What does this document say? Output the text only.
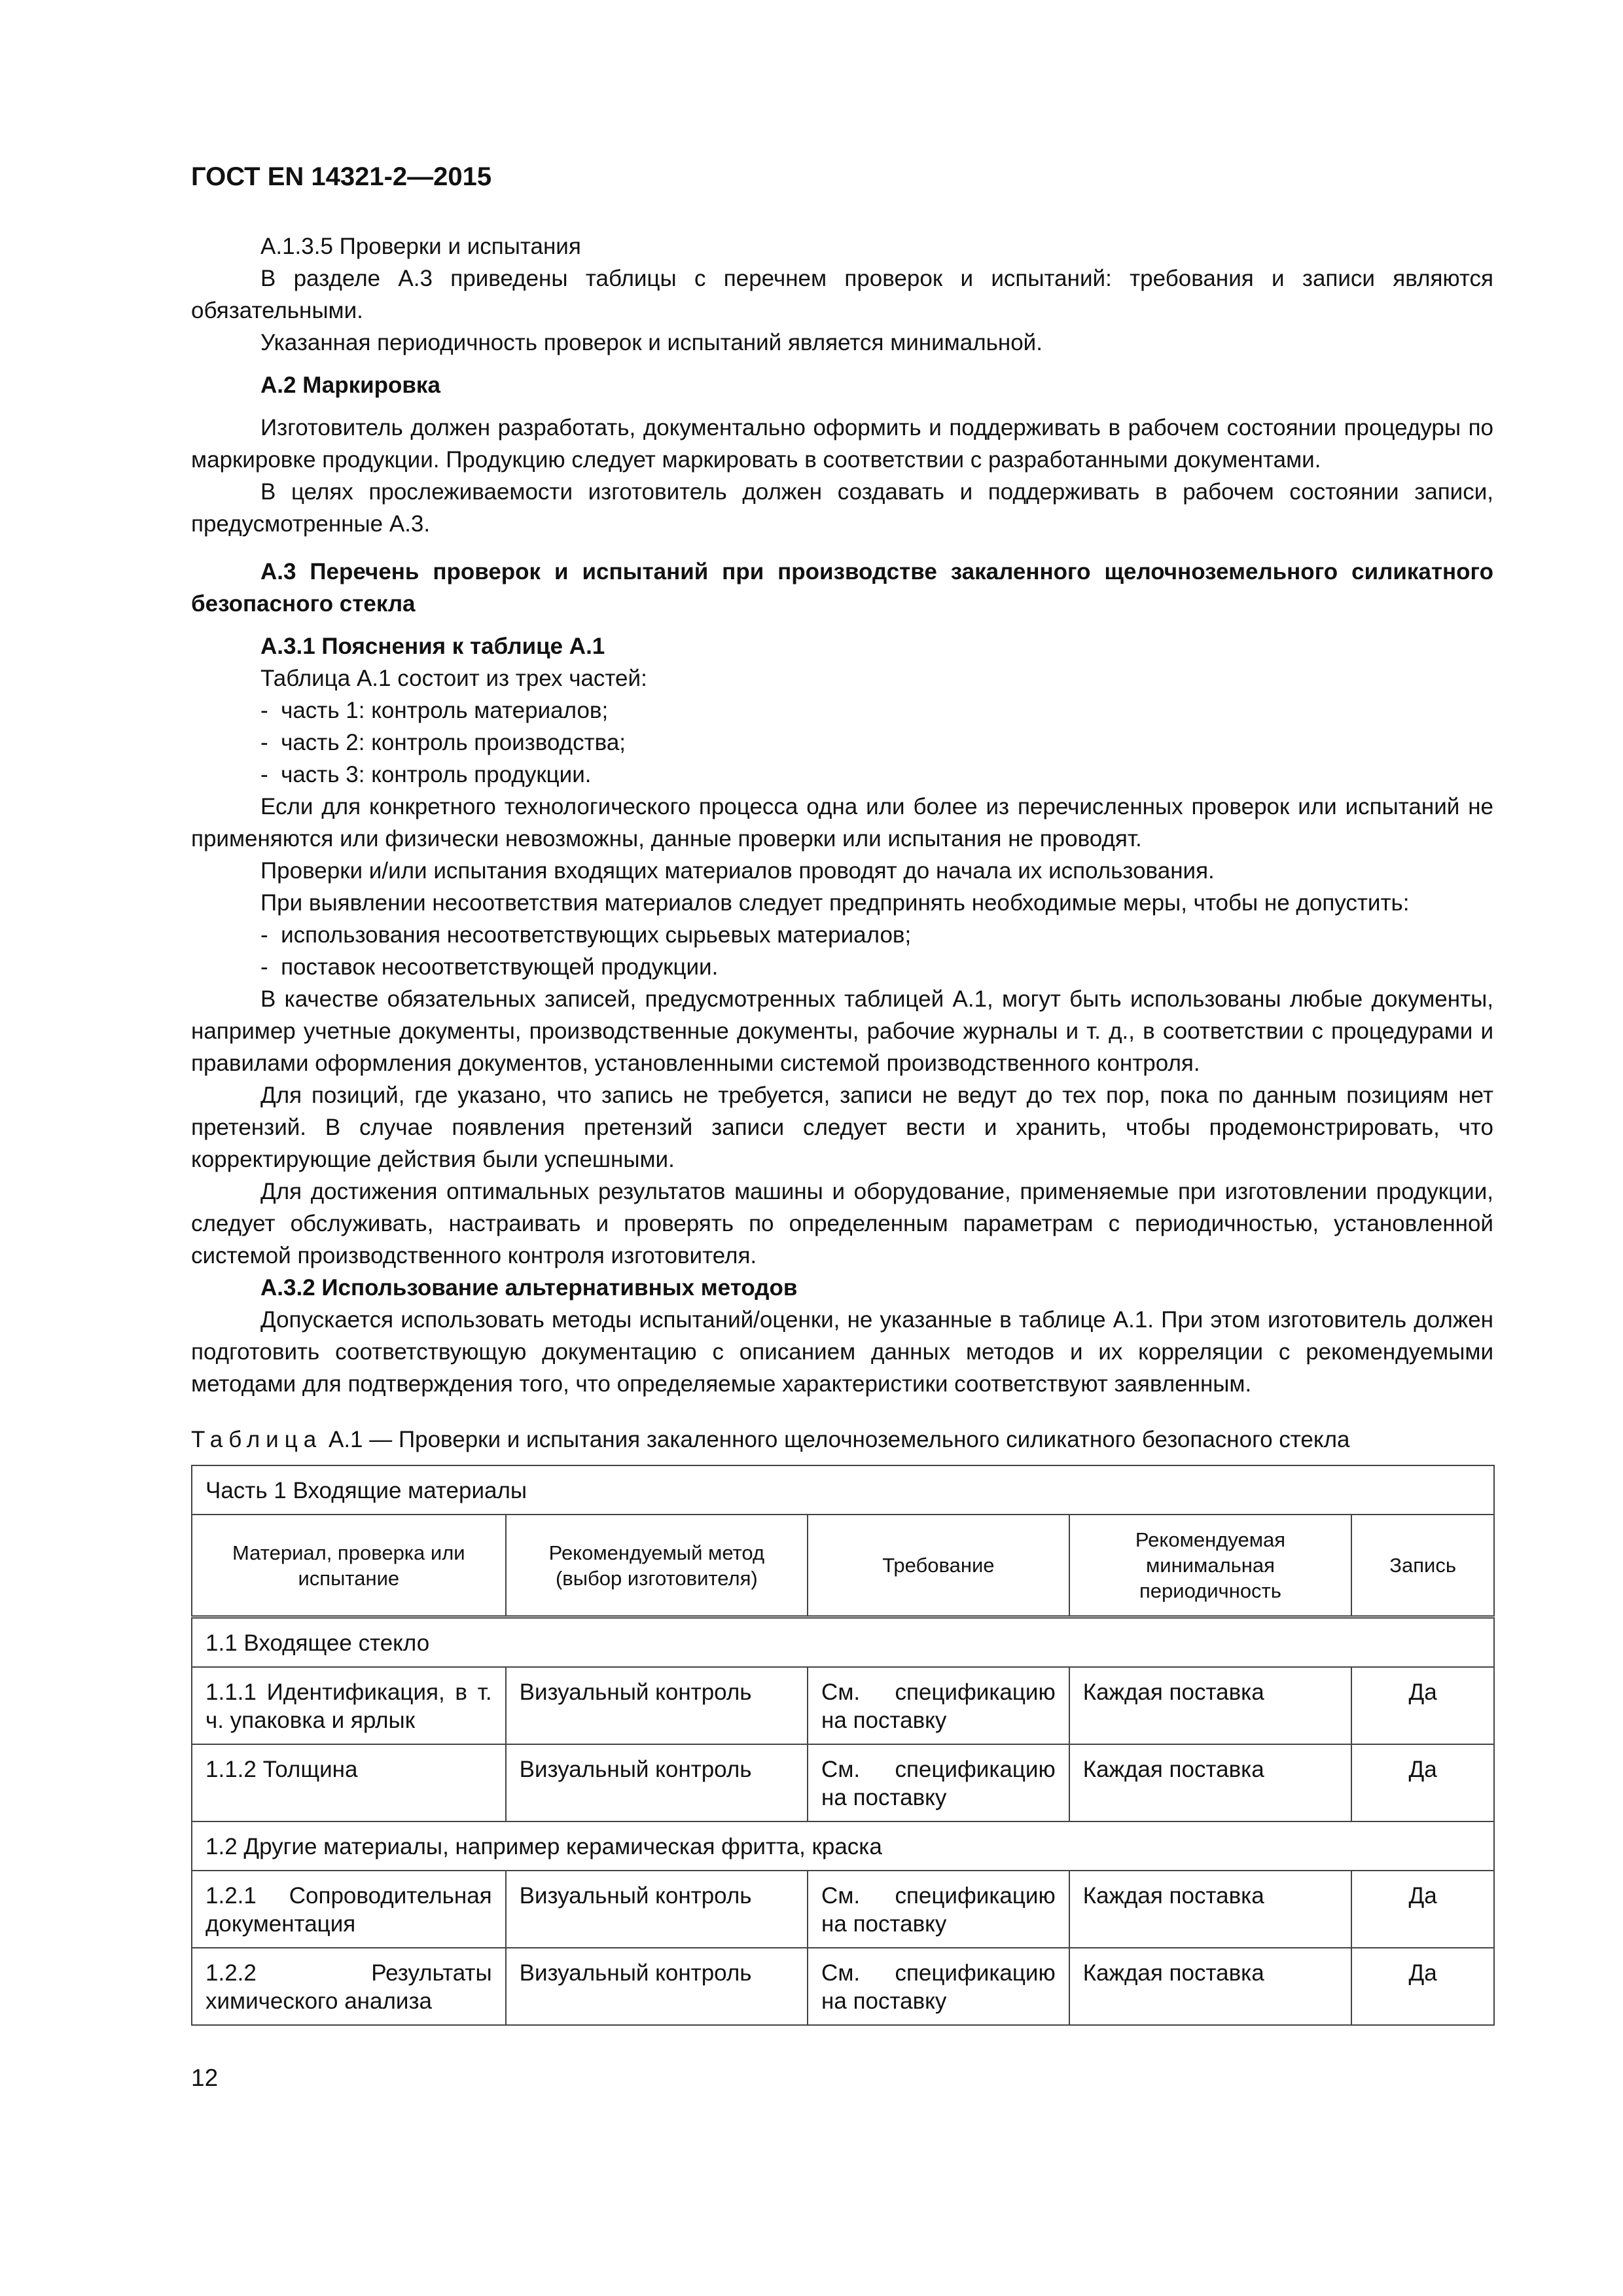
ГОСТ EN 14321-2—2015

А.1.3.5 Проверки и испытания

В разделе А.3 приведены таблицы с перечнем проверок и испытаний: требования и записи являются обязательными.

Указанная периодичность проверок и испытаний является минимальной.

А.2 Маркировка

Изготовитель должен разработать, документально оформить и поддерживать в рабочем состоянии процедуры по маркировке продукции. Продукцию следует маркировать в соответствии с разработанными документами.

В целях прослеживаемости изготовитель должен создавать и поддерживать в рабочем состоянии записи, предусмотренные А.3.

А.3 Перечень проверок и испытаний при производстве закаленного щелочноземельного силикатного безопасного стекла
А.3.1 Пояснения к таблице А.1

Таблица А.1 состоит из трех частей:

- часть 1: контроль материалов;
- часть 2: контроль производства;
- часть 3: контроль продукции.

Если для конкретного технологического процесса одна или более из перечисленных проверок или испытаний не применяются или физически невозможны, данные проверки или испытания не проводят.

Проверки и/или испытания входящих материалов проводят до начала их использования.

При выявлении несоответствия материалов следует предпринять необходимые меры, чтобы не допустить:

- использования несоответствующих сырьевых материалов;
- поставок несоответствующей продукции.

В качестве обязательных записей, предусмотренных таблицей А.1, могут быть использованы любые документы, например учетные документы, производственные документы, рабочие журналы и т. д., в соответствии с процедурами и правилами оформления документов, установленными системой производственного контроля.

Для позиций, где указано, что запись не требуется, записи не ведут до тех пор, пока по данным позициям нет претензий. В случае появления претензий записи следует вести и хранить, чтобы продемонстрировать, что корректирующие действия были успешными.

Для достижения оптимальных результатов машины и оборудование, применяемые при изготовлении продукции, следует обслуживать, настраивать и проверять по определенным параметрам с периодичностью, установленной системой производственного контроля изготовителя.

А.3.2 Использование альтернативных методов

Допускается использовать методы испытаний/оценки, не указанные в таблице А.1. При этом изготовитель должен подготовить соответствующую документацию с описанием данных методов и их корреляции с рекомендуемыми методами для подтверждения того, что определяемые характеристики соответствуют заявленным.

Таблица А.1 — Проверки и испытания закаленного щелочноземельного силикатного безопасного стекла
Часть 1 Входящие материалы				
Материал, проверка или испытание	Рекомендуемый метод (выбор изготовителя)	Требование	Рекомендуемая минимальная периодичность	Запись
1.1 Входящее стекло				
1.1.1 Идентификация, в т. ч. упаковка и ярлык	Визуальный контроль	См. спецификацию на поставку	Каждая поставка	Да
1.1.2 Толщина	Визуальный контроль	См. спецификацию на поставку	Каждая поставка	Да
1.2 Другие материалы, например керамическая фритта, краска				
1.2.1 Сопроводительная документация	Визуальный контроль	См. спецификацию на поставку	Каждая поставка	Да
1.2.2 Результаты химического анализа	Визуальный контроль	См. спецификацию на поставку	Каждая поставка	Да
12
